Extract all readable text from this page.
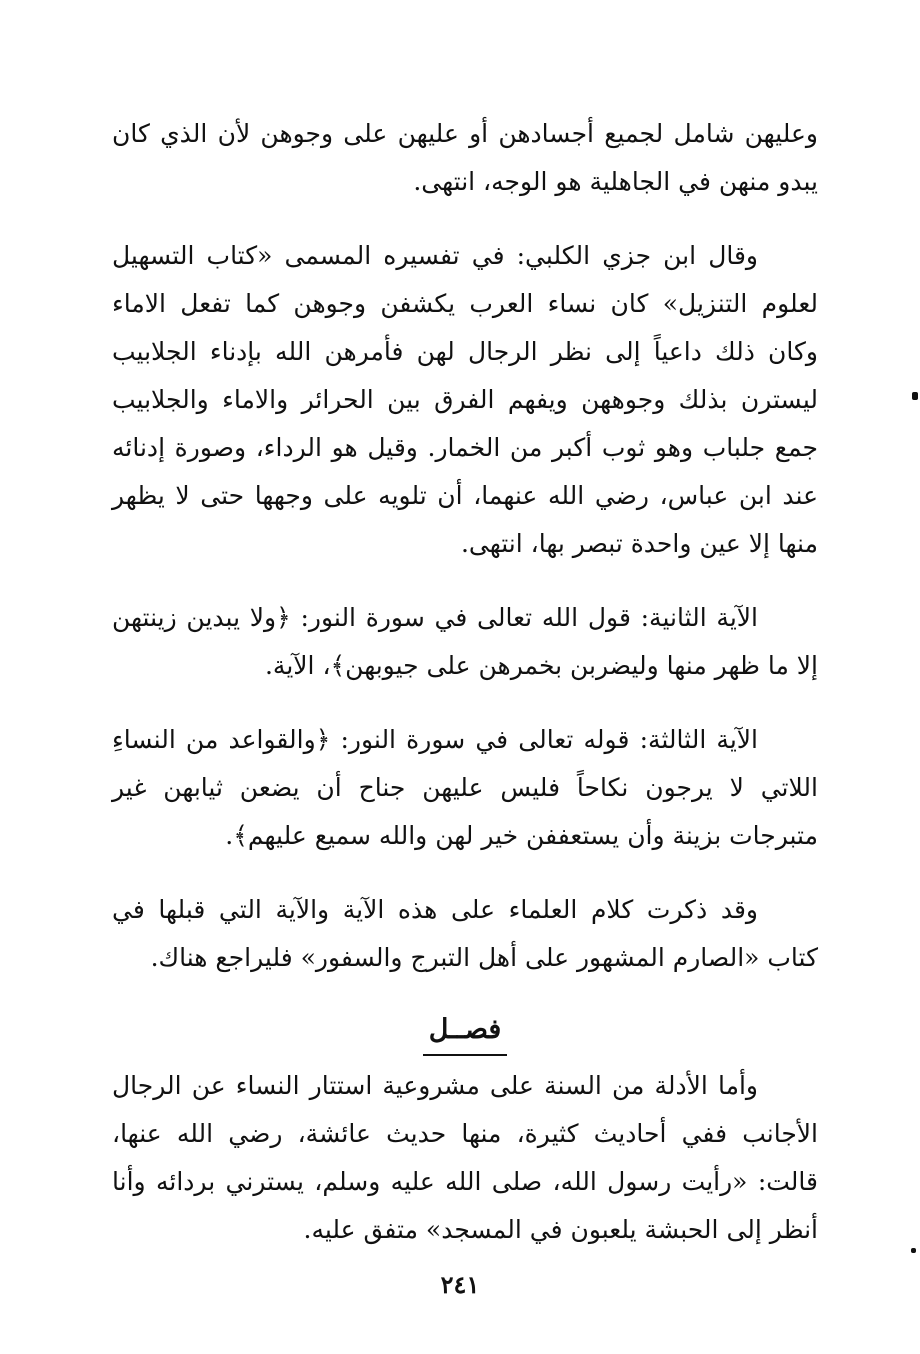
وعليهن شامل لجميع أجسادهن أو عليهن على وجوهن لأن الذي كان يبدو منهن في الجاهلية هو الوجه، انتهى.

وقال ابن جزي الكلبي: في تفسيره المسمى «كتاب التسهيل لعلوم التنزيل» كان نساء العرب يكشفن وجوهن كما تفعل الاماء وكان ذلك داعياً إلى نظر الرجال لهن فأمرهن الله بإدناء الجلابيب ليسترن بذلك وجوههن ويفهم الفرق بين الحرائر والاماء والجلابيب جمع جلباب وهو ثوب أكبر من الخمار. وقيل هو الرداء، وصورة إدنائه عند ابن عباس، رضي الله عنهما، أن تلويه على وجهها حتى لا يظهر منها إلا عين واحدة تبصر بها، انتهى.

الآية الثانية: قول الله تعالى في سورة النور: ﴿ولا يبدين زينتهن إلا ما ظهر منها وليضربن بخمرهن على جيوبهن﴾، الآية.

الآية الثالثة: قوله تعالى في سورة النور: ﴿والقواعد من النساءِ اللاتي لا يرجون نكاحاً فليس عليهن جناح أن يضعن ثيابهن غير متبرجات بزينة وأن يستعففن خير لهن والله سميع عليهم﴾.

وقد ذكرت كلام العلماء على هذه الآية والآية التي قبلها في كتاب «الصارم المشهور على أهل التبرج والسفور» فليراجع هناك.

فصــل

وأما الأدلة من السنة على مشروعية استتار النساء عن الرجال الأجانب ففي أحاديث كثيرة، منها حديث عائشة، رضي الله عنها، قالت: «رأيت رسول الله، صلى الله عليه وسلم، يسترني بردائه وأنا أنظر إلى الحبشة يلعبون في المسجد» متفق عليه.

٢٤١
